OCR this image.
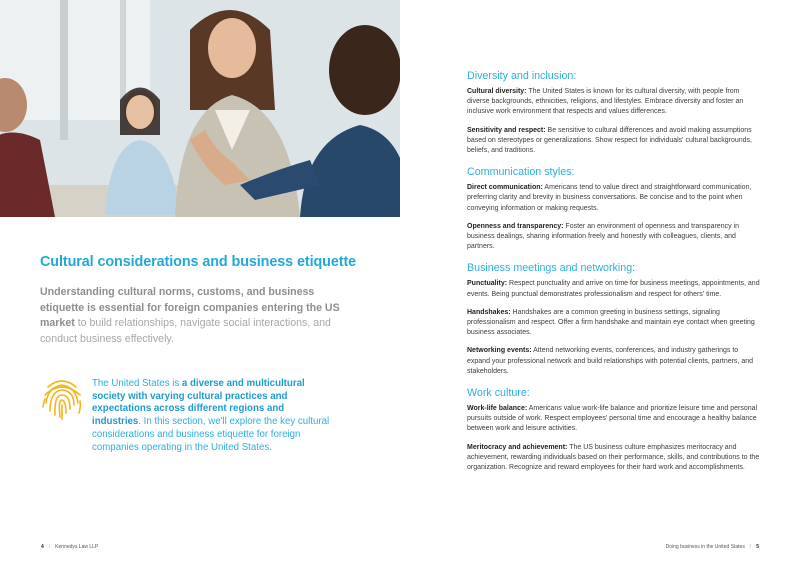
Cultural considerations and business etiquette
Understanding cultural norms, customs, and business etiquette is essential for foreign companies entering the US market to build relationships, navigate social interactions, and conduct business effectively.
The United States is a diverse and multicultural society with varying cultural practices and expectations across different regions and industries. In this section, we'll explore the key cultural considerations and business etiquette for foreign companies operating in the United States.
4 / Kennedys Law LLP	Doing business in the United States / 5
Diversity and inclusion:
Cultural diversity: The United States is known for its cultural diversity, with people from diverse backgrounds, ethnicities, religions, and lifestyles. Embrace diversity and foster an inclusive work environment that respects and values differences.
Sensitivity and respect: Be sensitive to cultural differences and avoid making assumptions based on stereotypes or generalizations. Show respect for individuals' cultural backgrounds, beliefs, and traditions.
Communication styles:
Direct communication: Americans tend to value direct and straightforward communication, preferring clarity and brevity in business conversations. Be concise and to the point when conveying information or making requests.
Openness and transparency: Foster an environment of openness and transparency in business dealings, sharing information freely and honestly with colleagues, clients, and partners.
Business meetings and networking:
Punctuality: Respect punctuality and arrive on time for business meetings, appointments, and events. Being punctual demonstrates professionalism and respect for others' time.
Handshakes: Handshakes are a common greeting in business settings, signaling professionalism and respect. Offer a firm handshake and maintain eye contact when greeting business associates.
Networking events: Attend networking events, conferences, and industry gatherings to expand your professional network and build relationships with potential clients, partners, and stakeholders.
Work culture:
Work-life balance: Americans value work-life balance and prioritize leisure time and personal pursuits outside of work. Respect employees' personal time and encourage a healthy balance between work and leisure activities.
Meritocracy and achievement: The US business culture emphasizes meritocracy and achievement, rewarding individuals based on their performance, skills, and contributions to the organization. Recognize and reward employees for their hard work and accomplishments.
